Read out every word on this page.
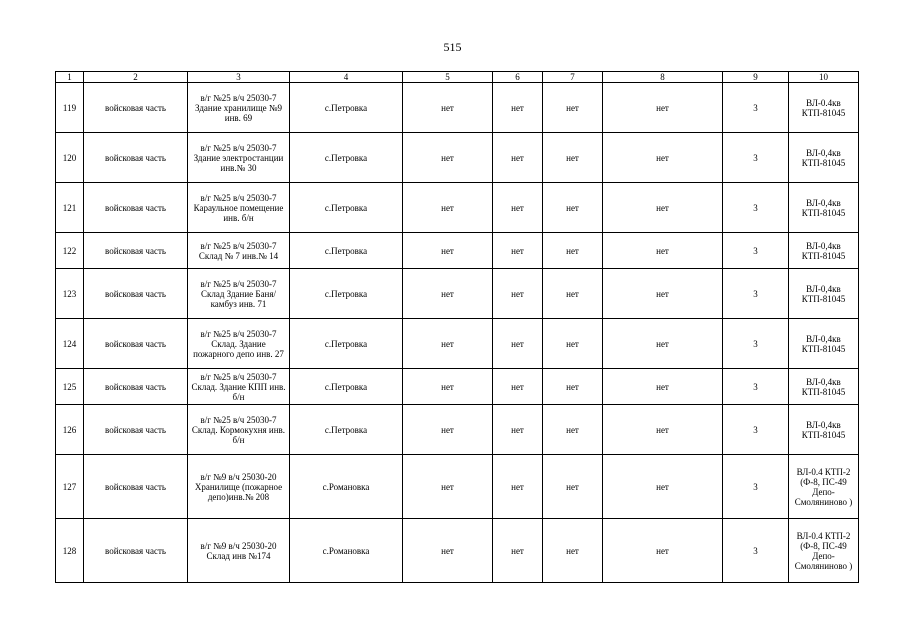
515
1	2	3	4	5	6	7	8	9	10
119	войсковая часть	в/г №25 в/ч 25030-7 Здание хранилище №9 инв. 69	с.Петровка	нет	нет	нет	нет	3	ВЛ-0.4кв КТП-81045
120	войсковая часть	в/г №25 в/ч 25030-7 Здание электростанции инв.№ 30	с.Петровка	нет	нет	нет	нет	3	ВЛ-0,4кв КТП-81045
121	войсковая часть	в/г №25 в/ч 25030-7 Караульное помещение инв. б/н	с.Петровка	нет	нет	нет	нет	3	ВЛ-0,4кв КТП-81045
122	войсковая часть	в/г №25 в/ч 25030-7 Склад № 7 инв.№ 14	с.Петровка	нет	нет	нет	нет	3	ВЛ-0,4кв КТП-81045
123	войсковая часть	в/г №25 в/ч 25030-7 Склад Здание Баня/камбуз инв. 71	с.Петровка	нет	нет	нет	нет	3	ВЛ-0,4кв КТП-81045
124	войсковая часть	в/г №25 в/ч 25030-7 Склад. Здание пожарного депо инв. 27	с.Петровка	нет	нет	нет	нет	3	ВЛ-0,4кв КТП-81045
125	войсковая часть	в/г №25 в/ч 25030-7 Склад. Здание КПП инв. б/н	с.Петровка	нет	нет	нет	нет	3	ВЛ-0,4кв КТП-81045
126	войсковая часть	в/г №25 в/ч 25030-7 Склад. Кормокухня инв. б/н	с.Петровка	нет	нет	нет	нет	3	ВЛ-0,4кв КТП-81045
127	войсковая часть	в/г №9 в/ч 25030-20 Хранилище (пожарное депо)инв.№ 208	с.Романовка	нет	нет	нет	нет	3	ВЛ-0.4 КТП-2 (Ф-8, ПС-49 Депо-Смоляниново )
128	войсковая часть	в/г №9 в/ч 25030-20 Склад инв №174	с.Романовка	нет	нет	нет	нет	3	ВЛ-0.4 КТП-2 (Ф-8, ПС-49 Депо-Смоляниново )
